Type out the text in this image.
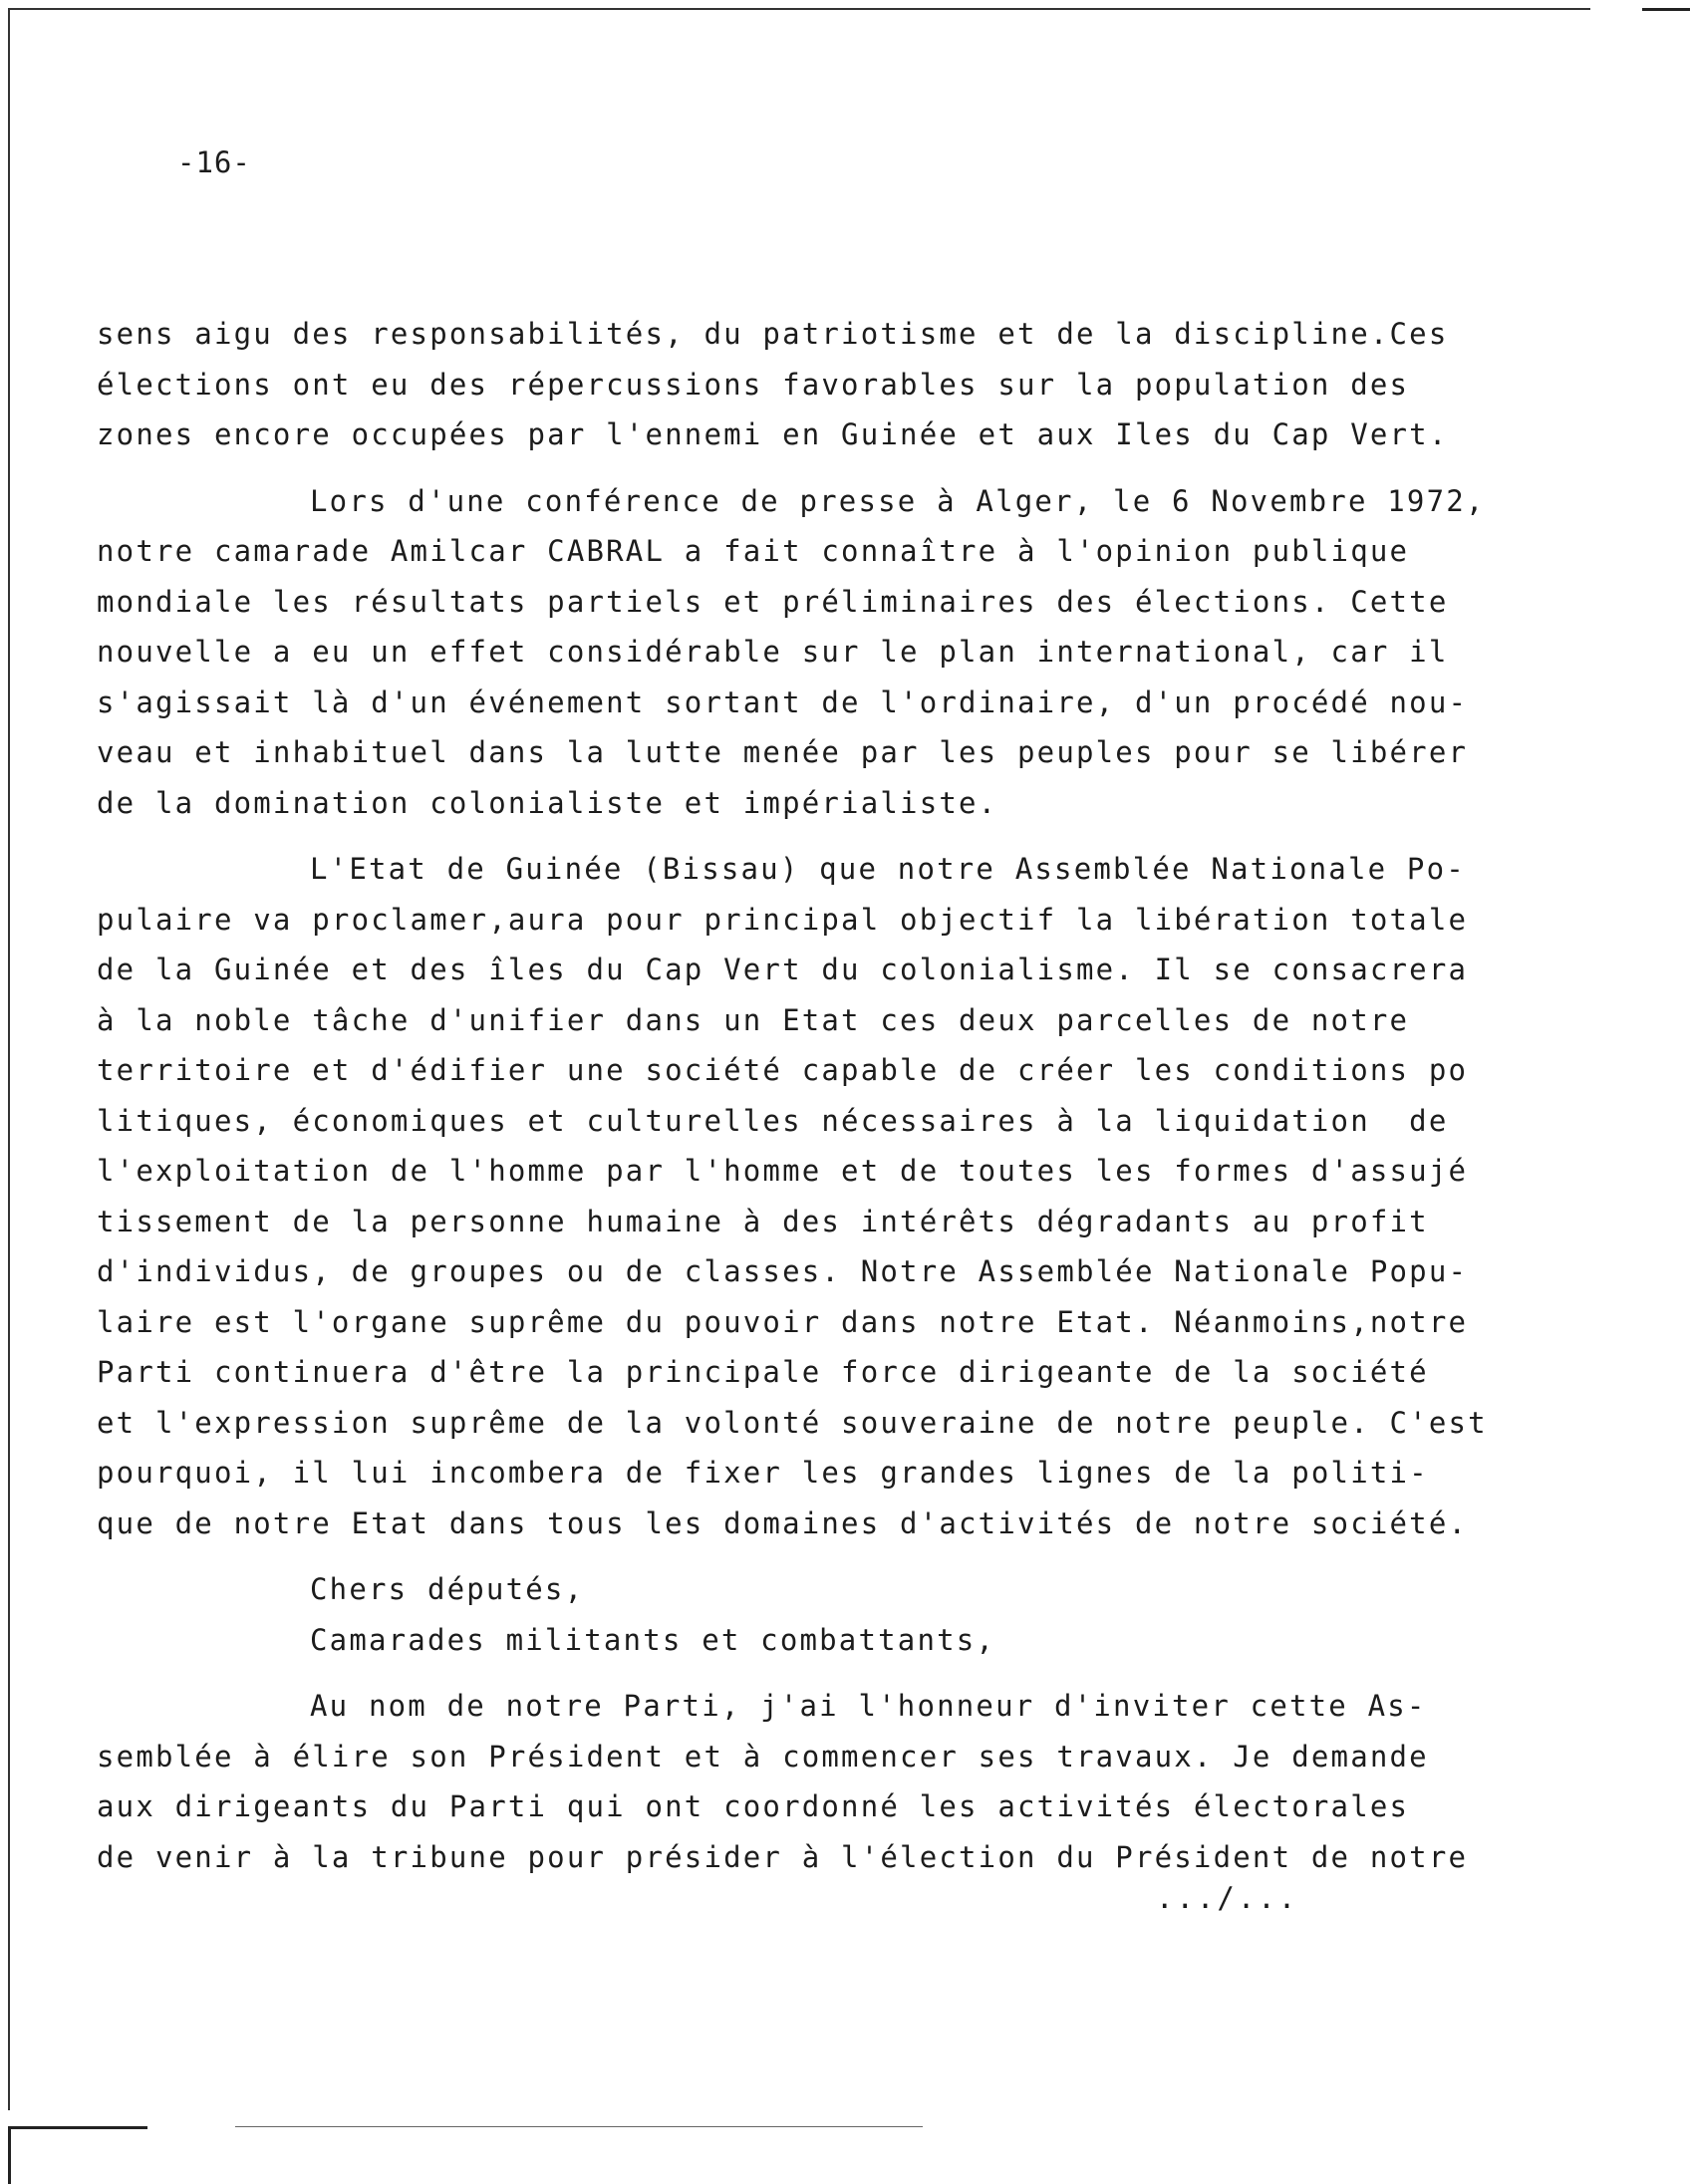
-16-
sens aigu des responsabilités, du patriotisme et de la discipline.Ces
élections ont eu des répercussions favorables sur la population des
zones encore occupées par l'ennemi en Guinée et aux Iles du Cap Vert.
Lors d'une conférence de presse à Alger, le 6 Novembre 1972,
notre camarade Amilcar CABRAL a fait connaître à l'opinion publique
mondiale les résultats partiels et préliminaires des élections. Cette
nouvelle a eu un effet considérable sur le plan international, car il
s'agissait là d'un événement sortant de l'ordinaire, d'un procédé nou-
veau et inhabituel dans la lutte menée par les peuples pour se libérer
de la domination colonialiste et impérialiste.
L'Etat de Guinée (Bissau) que notre Assemblée Nationale Po-
pulaire va proclamer,aura pour principal objectif la libération totale
de la Guinée et des îles du Cap Vert du colonialisme. Il se consacrera
à la noble tâche d'unifier dans un Etat ces deux parcelles de notre
territoire et d'édifier une société capable de créer les conditions po
litiques, économiques et culturelles nécessaires à la liquidation  de
l'exploitation de l'homme par l'homme et de toutes les formes d'assujé
tissement de la personne humaine à des intérêts dégradants au profit
d'individus, de groupes ou de classes. Notre Assemblée Nationale Popu-
laire est l'organe suprême du pouvoir dans notre Etat. Néanmoins,notre
Parti continuera d'être la principale force dirigeante de la société
et l'expression suprême de la volonté souveraine de notre peuple. C'est
pourquoi, il lui incombera de fixer les grandes lignes de la politi-
que de notre Etat dans tous les domaines d'activités de notre société.
Chers députés,
Camarades militants et combattants,
Au nom de notre Parti, j'ai l'honneur d'inviter cette As-
semblée à élire son Président et à commencer ses travaux. Je demande
aux dirigeants du Parti qui ont coordonné les activités électorales
de venir à la tribune pour présider à l'élection du Président de notre
.../...
